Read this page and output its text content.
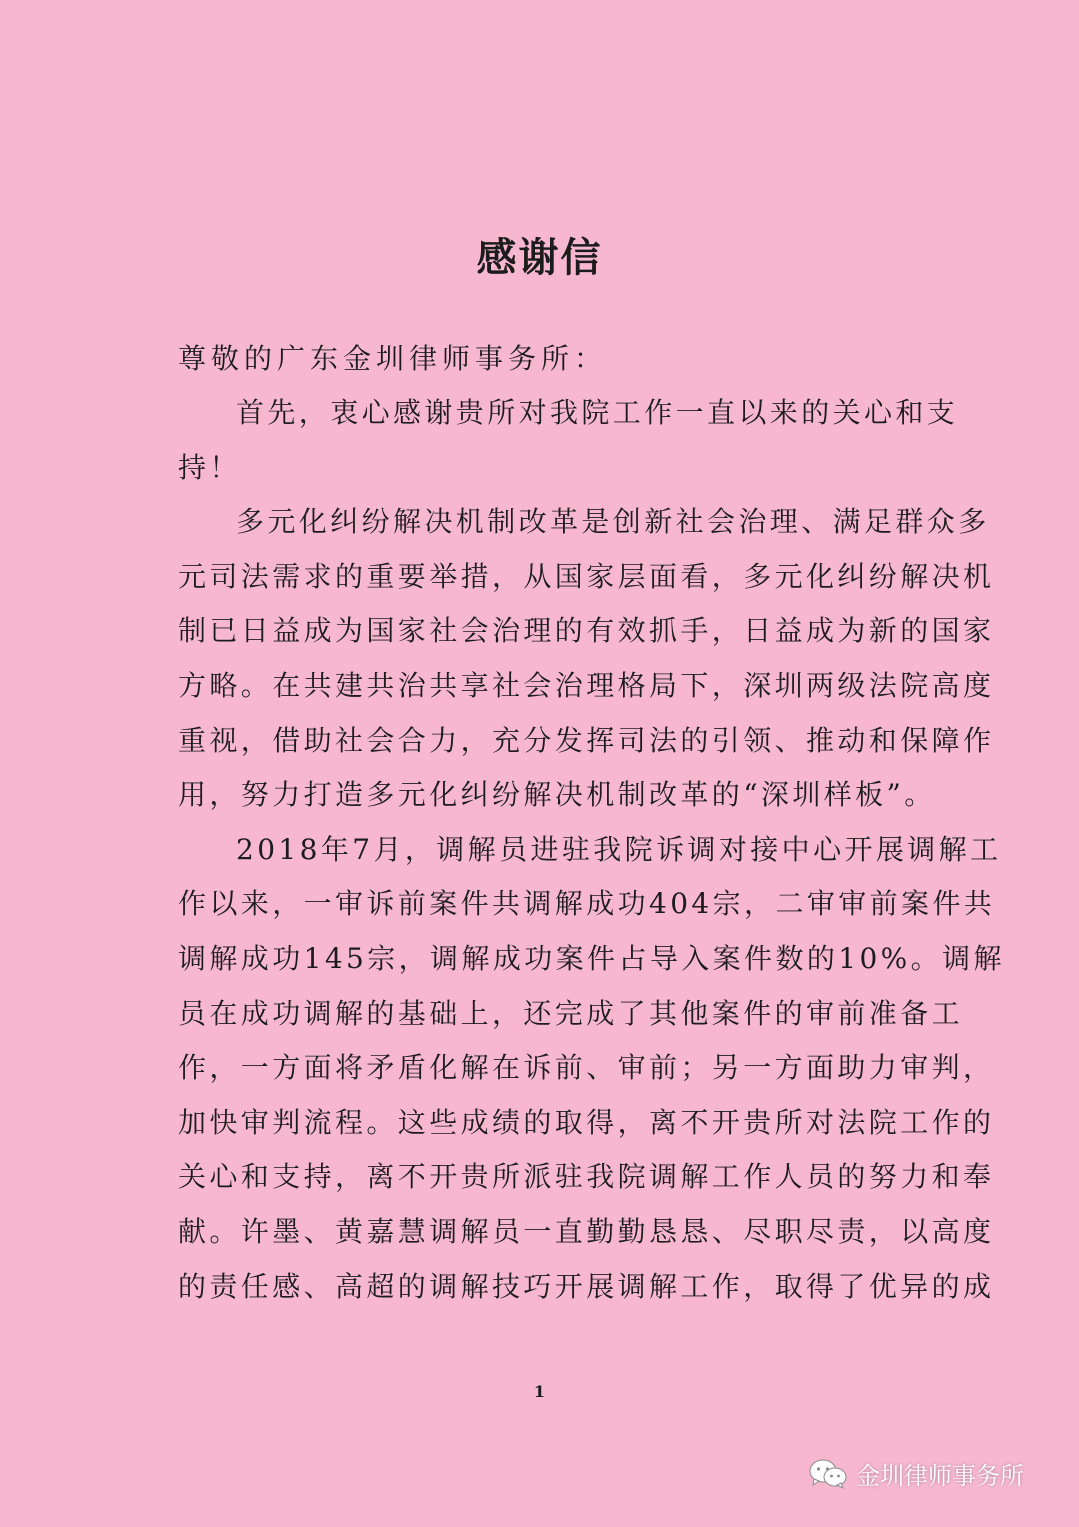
感谢信
尊敬的广东金圳律师事务所：
首先，衷心感谢贵所对我院工作一直以来的关心和支
持！
多元化纠纷解决机制改革是创新社会治理、满足群众多
元司法需求的重要举措，从国家层面看，多元化纠纷解决机
制已日益成为国家社会治理的有效抓手，日益成为新的国家
方略。在共建共治共享社会治理格局下，深圳两级法院高度
重视，借助社会合力，充分发挥司法的引领、推动和保障作
用，努力打造多元化纠纷解决机制改革的“深圳样板”。
2018年7月，调解员进驻我院诉调对接中心开展调解工
作以来，一审诉前案件共调解成功404宗，二审审前案件共
调解成功145宗，调解成功案件占导入案件数的10%。调解
员在成功调解的基础上，还完成了其他案件的审前准备工
作，一方面将矛盾化解在诉前、审前；另一方面助力审判，
加快审判流程。这些成绩的取得，离不开贵所对法院工作的
关心和支持，离不开贵所派驻我院调解工作人员的努力和奉
献。许墨、黄嘉慧调解员一直勤勤恳恳、尽职尽责，以高度
的责任感、高超的调解技巧开展调解工作，取得了优异的成
1
金圳律师事务所
